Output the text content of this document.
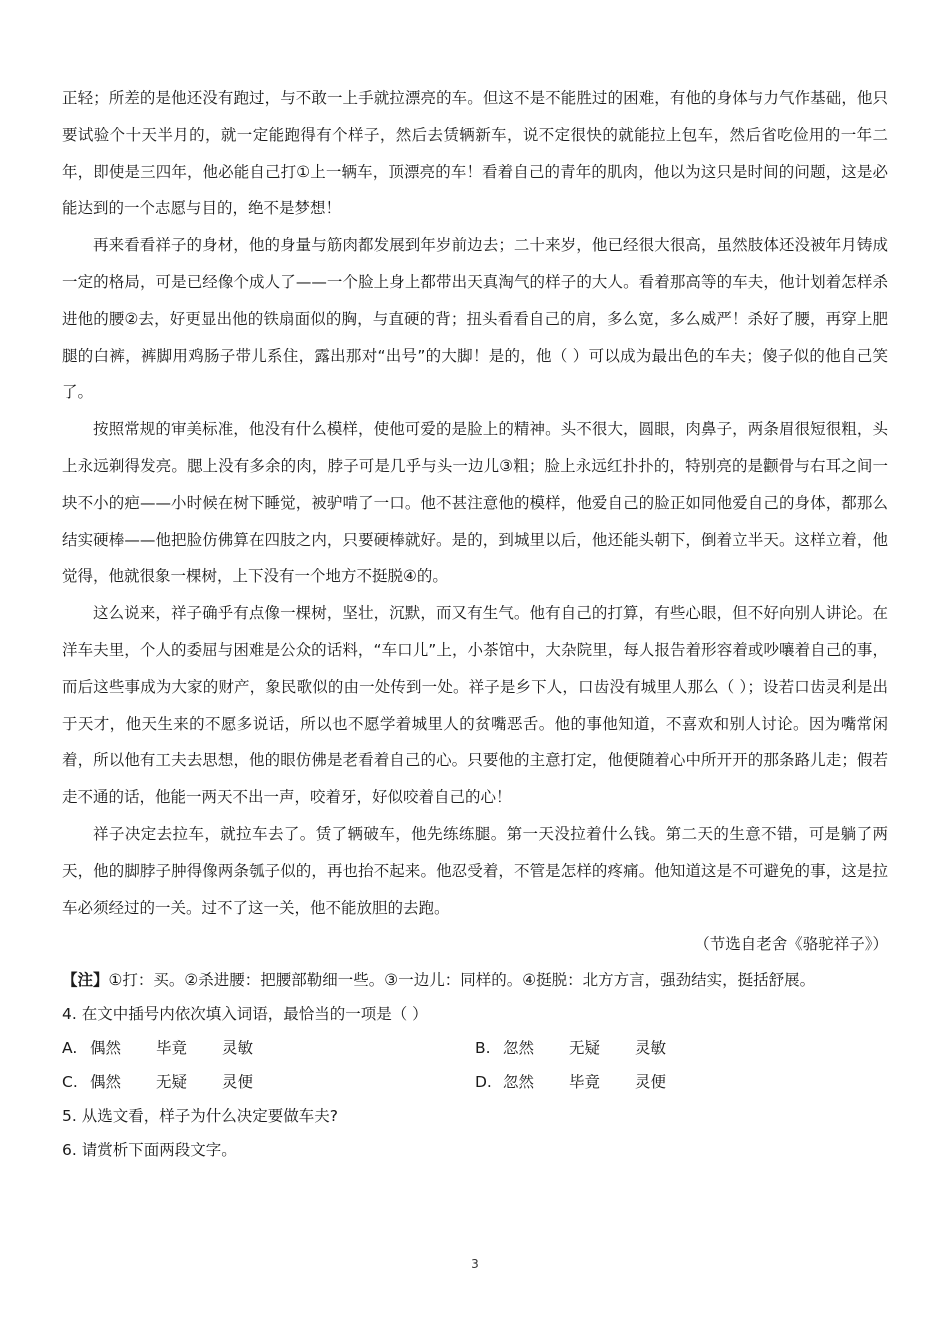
正轻；所差的是他还没有跑过，与不敢一上手就拉漂亮的车。但这不是不能胜过的困难，有他的身体与力气作基础，他只要试验个十天半月的，就一定能跑得有个样子，然后去赁辆新车，说不定很快的就能拉上包车，然后省吃俭用的一年二年，即使是三四年，他必能自己打①上一辆车，顶漂亮的车！看着自己的青年的肌肉，他以为这只是时间的问题，这是必能达到的一个志愿与目的，绝不是梦想！

再来看看祥子的身材，他的身量与筋肉都发展到年岁前边去；二十来岁，他已经很大很高，虽然肢体还没被年月铸成一定的格局，可是已经像个成人了——一个脸上身上都带出天真淘气的样子的大人。看着那高等的车夫，他计划着怎样杀进他的腰②去，好更显出他的铁扇面似的胸，与直硬的背；扭头看看自己的肩，多么宽，多么威严！杀好了腰，再穿上肥腿的白裤，裤脚用鸡肠子带儿系住，露出那对“出号”的大脚！是的，他（ ）可以成为最出色的车夫；傻子似的他自己笑了。

按照常规的审美标准，他没有什么模样，使他可爱的是脸上的精神。头不很大，圆眼，肉鼻子，两条眉很短很粗，头上永远剃得发亮。腮上没有多余的肉，脖子可是几乎与头一边儿③粗；脸上永远红扑扑的，特别亮的是颧骨与右耳之间一块不小的疤——小时候在树下睡觉，被驴啃了一口。他不甚注意他的模样，他爱自己的脸正如同他爱自己的身体，都那么结实硬棒——他把脸仿佛算在四肢之内，只要硬棒就好。是的，到城里以后，他还能头朝下，倒着立半天。这样立着，他觉得，他就很象一棵树，上下没有一个地方不挺脱④的。

这么说来，祥子确乎有点像一棵树，坚壮，沉默，而又有生气。他有自己的打算，有些心眼，但不好向别人讲论。在洋车夫里，个人的委屈与困难是公众的话料，“车口儿”上，小茶馆中，大杂院里，每人报告着形容着或吵嚷着自己的事，而后这些事成为大家的财产，象民歌似的由一处传到一处。祥子是乡下人，口齿没有城里人那么（ ）；设若口齿灵利是出于天才，他天生来的不愿多说话，所以也不愿学着城里人的贫嘴恶舌。他的事他知道，不喜欢和别人讨论。因为嘴常闲着，所以他有工夫去思想，他的眼仿佛是老看着自己的心。只要他的主意打定，他便随着心中所开开的那条路儿走；假若走不通的话，他能一两天不出一声，咬着牙，好似咬着自己的心！

祥子决定去拉车，就拉车去了。赁了辆破车，他先练练腿。第一天没拉着什么钱。第二天的生意不错，可是躺了两天，他的脚脖子肿得像两条瓠子似的，再也抬不起来。他忍受着，不管是怎样的疼痛。他知道这是不可避免的事，这是拉车必须经过的一关。过不了这一关，他不能放胆的去跑。

（节选自老舍《骆驼祥子》）

【注】①打：买。②杀进腰：把腰部勒细一些。③一边儿：同样的。④挺脱：北方方言，强劲结实，挺括舒展。

4. 在文中插号内依次填入词语，最恰当的一项是（ ）

A. 偶然	毕竟	灵敏	B. 忽然	无疑	灵敏
C. 偶然	无疑	灵便	D. 忽然	毕竟	灵便

5. 从选文看，样子为什么决定要做车夫?

6. 请赏析下面两段文字。

3
